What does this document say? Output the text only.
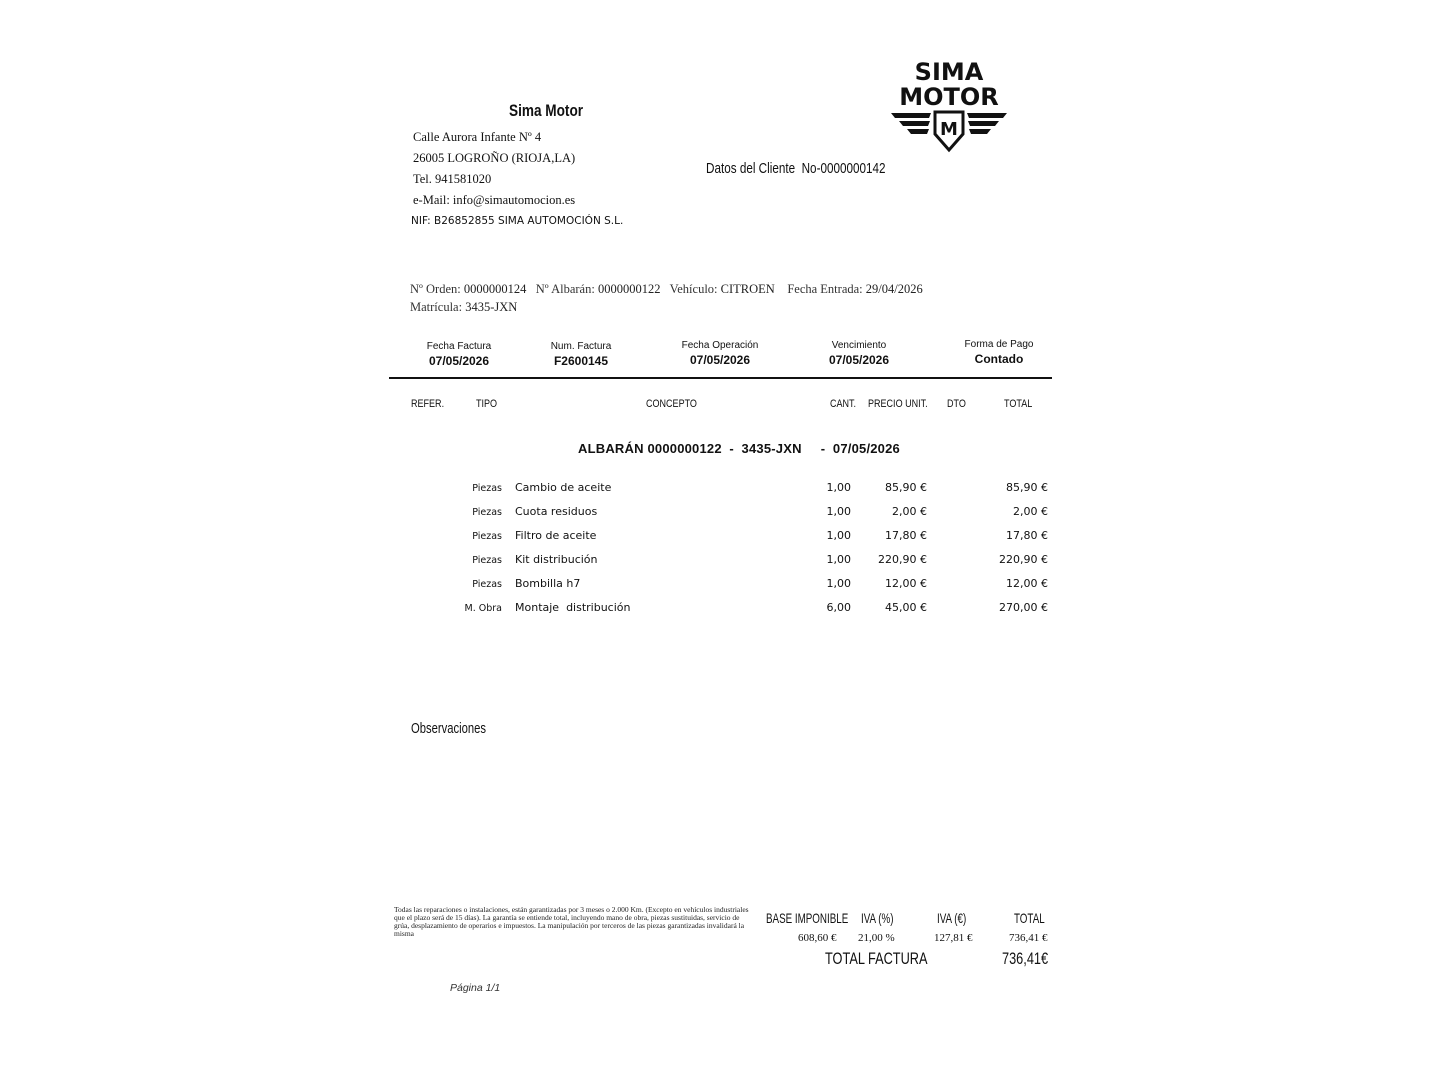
Sima Motor
Calle Aurora Infante Nº 4
26005 LOGROÑO (RIOJA,LA)
Tel. 941581020
e-Mail: info@simautomocion.es
NIF: B26852855 SIMA AUTOMOCIÓN S.L.
SIMA
MOTOR
M
Datos del Cliente No-0000000142
Nº Orden: 0000000124 Nº Albarán: 0000000122 Vehículo: CITROEN Fecha Entrada: 29/04/2026
Matrícula: 3435-JXN
Fecha Factura
07/05/2026
Num. Factura
F2600145
Fecha Operación
07/05/2026
Vencimiento
07/05/2026
Forma de Pago
Contado
REFER.	TIPO	CONCEPTO	CANT. PRECIO UNIT. DTO	TOTAL
ALBARÁN 0000000122  -  3435-JXN     -  07/05/2026
Piezas Cambio de aceite	1,00	85,90 €	85,90 €
Piezas Cuota residuos	1,00	2,00 €	2,00 €
Piezas Filtro de aceite	1,00	17,80 €	17,80 €
Piezas Kit distribución	1,00 220,90 €	220,90 €
Piezas Bombilla h7	1,00	12,00 €	12,00 €
M. Obra Montaje  distribución	6,00	45,00 €	270,00 €
Observaciones
Todas las reparaciones o instalaciones, están garantizadas por 3 meses o 2.000 Km. (Excepto en vehículos industriales que el plazo será de 15 días). La garantía se entiende total, incluyendo mano de obra, piezas sustituidas, servicio de grúa, desplazamiento de operarios e impuestos. La manipulación por terceros de las piezas garantizadas invalidará la misma
BASE IMPONIBLE IVA (%)	IVA (€)	TOTAL
608,60 € 21,00 %	127,81 €	736,41 €
TOTAL FACTURA	736,41€
Página 1/1
